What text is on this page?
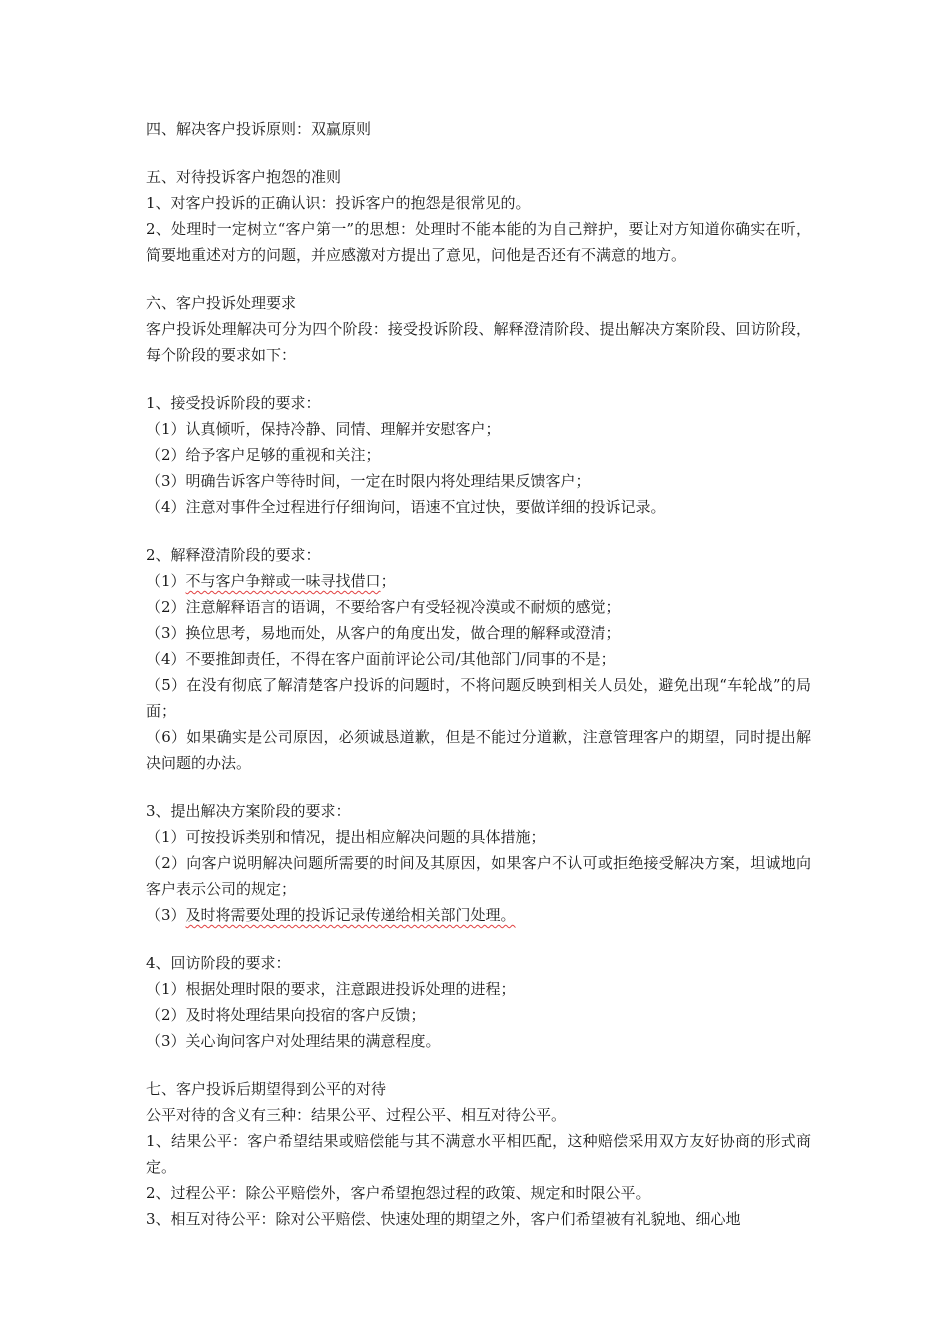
四、解决客户投诉原则：双赢原则

五、对待投诉客户抱怨的准则

1、对客户投诉的正确认识：投诉客户的抱怨是很常见的。

2、处理时一定树立“客户第一”的思想：处理时不能本能的为自己辩护，要让对方知道你确实在听，简要地重述对方的问题，并应感激对方提出了意见，问他是否还有不满意的地方。

六、客户投诉处理要求

客户投诉处理解决可分为四个阶段：接受投诉阶段、解释澄清阶段、提出解决方案阶段、回访阶段，每个阶段的要求如下：

1、接受投诉阶段的要求：

（1）认真倾听，保持冷静、同情、理解并安慰客户；

（2）给予客户足够的重视和关注；

（3）明确告诉客户等待时间，一定在时限内将处理结果反馈客户；

（4）注意对事件全过程进行仔细询问，语速不宜过快，要做详细的投诉记录。

2、解释澄清阶段的要求：

（1）不与客户争辩或一味寻找借口；

（2）注意解释语言的语调，不要给客户有受轻视冷漠或不耐烦的感觉；

（3）换位思考，易地而处，从客户的角度出发，做合理的解释或澄清；

（4）不要推卸责任，不得在客户面前评论公司/其他部门/同事的不是；

（5）在没有彻底了解清楚客户投诉的问题时，不将问题反映到相关人员处，避免出现“车轮战”的局面；

（6）如果确实是公司原因，必须诚恳道歉，但是不能过分道歉，注意管理客户的期望，同时提出解决问题的办法。

3、提出解决方案阶段的要求：

（1）可按投诉类别和情况，提出相应解决问题的具体措施；

（2）向客户说明解决问题所需要的时间及其原因，如果客户不认可或拒绝接受解决方案，坦诚地向客户表示公司的规定；

（3）及时将需要处理的投诉记录传递给相关部门处理。

4、回访阶段的要求：

（1）根据处理时限的要求，注意跟进投诉处理的进程；

（2）及时将处理结果向投宿的客户反馈；

（3）关心询问客户对处理结果的满意程度。

七、客户投诉后期望得到公平的对待

公平对待的含义有三种：结果公平、过程公平、相互对待公平。

1、结果公平：客户希望结果或赔偿能与其不满意水平相匹配，这种赔偿采用双方友好协商的形式商定。

2、过程公平：除公平赔偿外，客户希望抱怨过程的政策、规定和时限公平。

3、相互对待公平：除对公平赔偿、快速处理的期望之外，客户们希望被有礼貌地、细心地
